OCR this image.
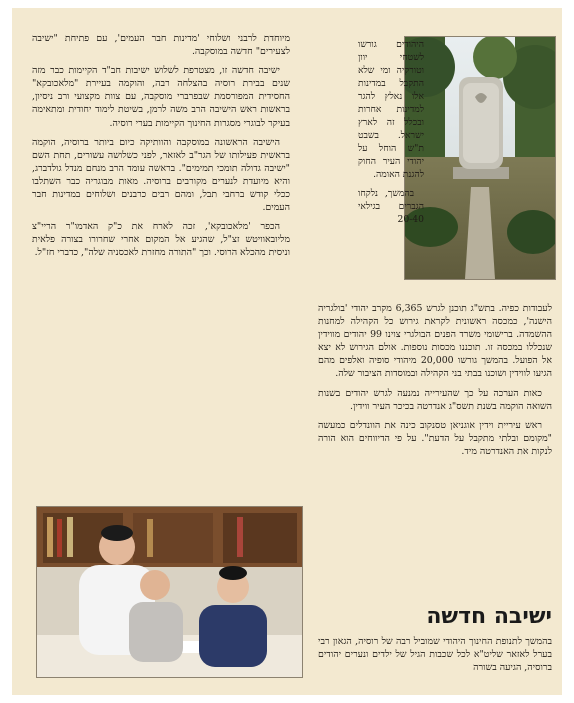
היהודים גורשו לשטחי יוון וטורקיה ומי שלא התקבל במדינות אלו נאלץ להגר למדינות אחרות ובכלל זה לארץ ישראל. בשבט ת"ש הוחל על יהודי העיר החוק להגנת האומה.

בהמשך, נלקחו הגברים בגילאי 20-40

לעבודות כפיה. בתש"ג תוכנן לגרש 6,365 מקרב יהודי 'בולגריה הישנה', כמכסה ראשונית לקראת גירוש כל הקהילה למחנות ההשמדה. ברישומי משרד הפנים הבולגרי צוינו 99 יהודים מווידין שנכללו במכסה זו. תוכננו מכסות נוספות. אולם הגירוש לא יצא אל הפועל. בהמשך גורשו 20,000 מיהודי סופיה ואלפים מהם הגיעו לווידין ושוכנו בבתי בני הקהילה ובמוסדות הציבור שלה.

כאות הערכה על כך שהעירייה נמנעה לגרש יהודים בשנות השואה הוקמה בשנת תשס"ג אנדרטה בכיכר העיר ווידין.

ראש עיריית וידין אוגניאן טסנקוב כינה את הוונדלים כמעשה "מקומם ובלתי מתקבל על הדעת". על פי הדיווחים הוא הורה לנקות את האנדרטה מיד.

ישיבה חדשה

בהמשך לתנופת החינוך היהודי שמוביל רבה של רוסיה, הגאון רבי בערל לאזאר שליט"א לכל שכבות הגיל של ילדים ונערים יהודים ברוסיה, הגיעה בשורה

מיוחדת לרבני ושלוחי 'מדינות חבר העמים', עם פתיחת "ישיבה לצעירים" חדשה במוסקבה.

ישיבה חדשה זו, מצטרפת לשלוש ישיבות חב"ד הקיימות כבר מזה שנים בבירת רוסיה בהצלחה רבה, והוקמה בעיירת "מלאכובקא" החסידית המפורסמת שבפרברי מוסקבה, עם צוות מקצועי ורב ניסיון, בראשות ראש הישיבה הרב משה לרמן, בשיטת לימוד יחודית ומתאימה בעיקר לבוגרי מסגרות החינוך הקיימות בערי רוסיה.

הישיבה הראשונה במוסקבה והוותיקה כיום ביותר ברוסיה, הוקמה בראשית פעילותו של הגר"ב לאזאר, לפני כשלושה עשורים, תחת השם "ישיבה גדולה תומכי תמימים". בראשה עומד הרב מנחם מנדל גולדברג, והיא מיועדת לנערים מקורבים ברוסיה. מאות מבוגריה כבר השתלבו ככלי קודש ברחבי תבל, ומהם רבים כרבנים ושלוחים במדינות חבר העמים.

הכפר 'מלאכובקא', זכה לארח את כ"ק האדמו"ר הריי"צ מליובאוויטש זצ"ל, שהגיע אל המקום אחרי שחרורו בצורה פלאית וניסית מהכלא הרוסי. וכך "התורה מחזרת לאכסניה שלה", כדברי חז"ל.
